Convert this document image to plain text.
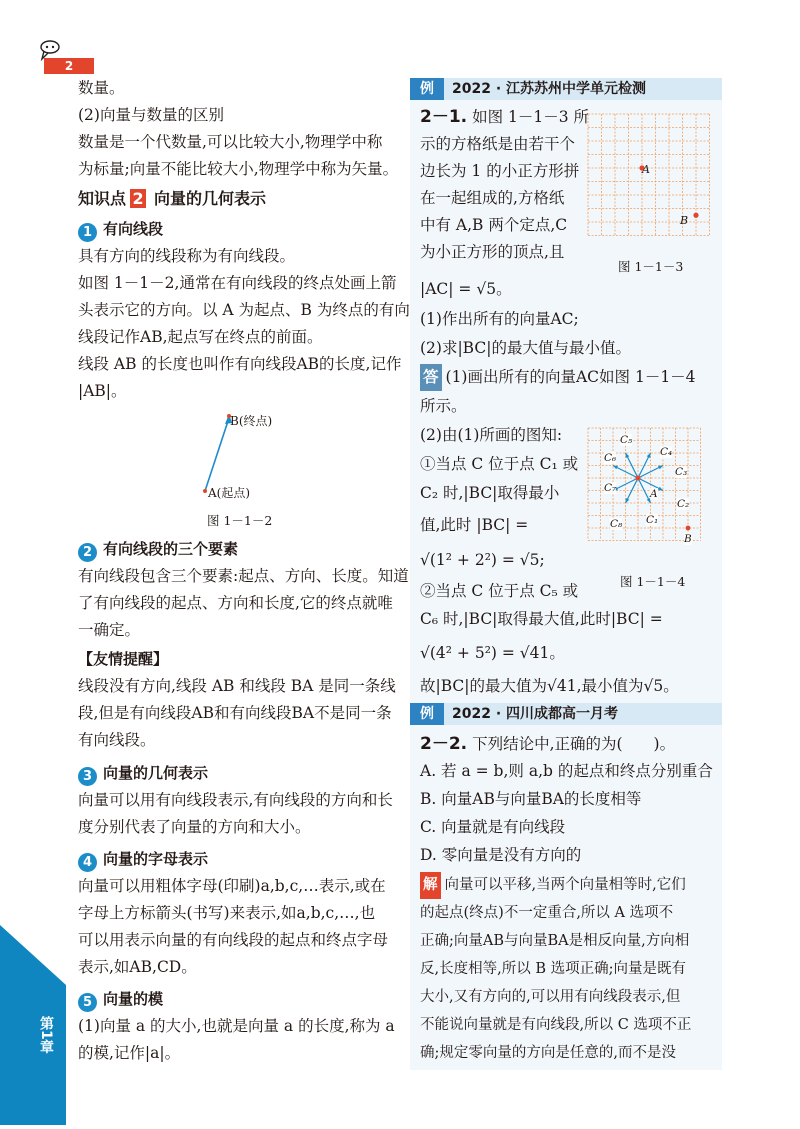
2
第1章
数量。
(2)向量与数量的区别
数量是一个代数量,可以比较大小,物理学中称
为标量;向量不能比较大小,物理学中称为矢量。
知识点 2 向量的几何表示
1 有向线段
具有方向的线段称为有向线段。
如图 1－1－2,通常在有向线段的终点处画上箭
头表示它的方向。以 A 为起点、B 为终点的有向
线段记作AB,起点写在终点的前面。
线段 AB 的长度也叫作有向线段AB的长度,记作
|AB|。
B(终点)
A(起点)
图 1－1－2
2 有向线段的三个要素
有向线段包含三个要素:起点、方向、长度。知道
了有向线段的起点、方向和长度,它的终点就唯
一确定。
【友情提醒】
线段没有方向,线段 AB 和线段 BA 是同一条线
段,但是有向线段AB和有向线段BA不是同一条
有向线段。
3 向量的几何表示
向量可以用有向线段表示,有向线段的方向和长
度分别代表了向量的方向和大小。
4 向量的字母表示
向量可以用粗体字母(印刷)a,b,c,…表示,或在
字母上方标箭头(书写)来表示,如a,b,c,…,也
可以用表示向量的有向线段的起点和终点字母
表示,如AB,CD。
5 向量的模
(1)向量 a 的大小,也就是向量 a 的长度,称为 a
的模,记作|a|。
例	2022 · 江苏苏州中学单元检测
2－1. 如图 1－1－3 所
示的方格纸是由若干个
边长为 1 的小正方形拼
在一起组成的,方格纸
中有 A,B 两个定点,C
为小正方形的顶点,且
|AC| = √5。
A
B
图 1－1－3
(1)作出所有的向量AC;
(2)求|BC|的最大值与最小值。
答 (1)画出所有的向量AC如图 1－1－4
所示。
(2)由(1)所画的图知:
①当点 C 位于点 C₁ 或
C₂ 时,|BC|取得最小
值,此时 |BC| =
√(1² + 2²) = √5;
②当点 C 位于点 C₅ 或
C₆ 时,|BC|取得最大值,此时|BC| =
√(4² + 5²) = √41。
故|BC|的最大值为√41,最小值为√5。
C₅
C₆	C₄
C₃
C₇	A
C₂
C₈ C₁
B
图 1－1－4
例	2022 · 四川成都高一月考
2－2. 下列结论中,正确的为(　　)。
A. 若 a = b,则 a,b 的起点和终点分别重合
B. 向量AB与向量BA的长度相等
C. 向量就是有向线段
D. 零向量是没有方向的
解 向量可以平移,当两个向量相等时,它们
的起点(终点)不一定重合,所以 A 选项不
正确;向量AB与向量BA是相反向量,方向相
反,长度相等,所以 B 选项正确;向量是既有
大小,又有方向的,可以用有向线段表示,但
不能说向量就是有向线段,所以 C 选项不正
确;规定零向量的方向是任意的,而不是没
